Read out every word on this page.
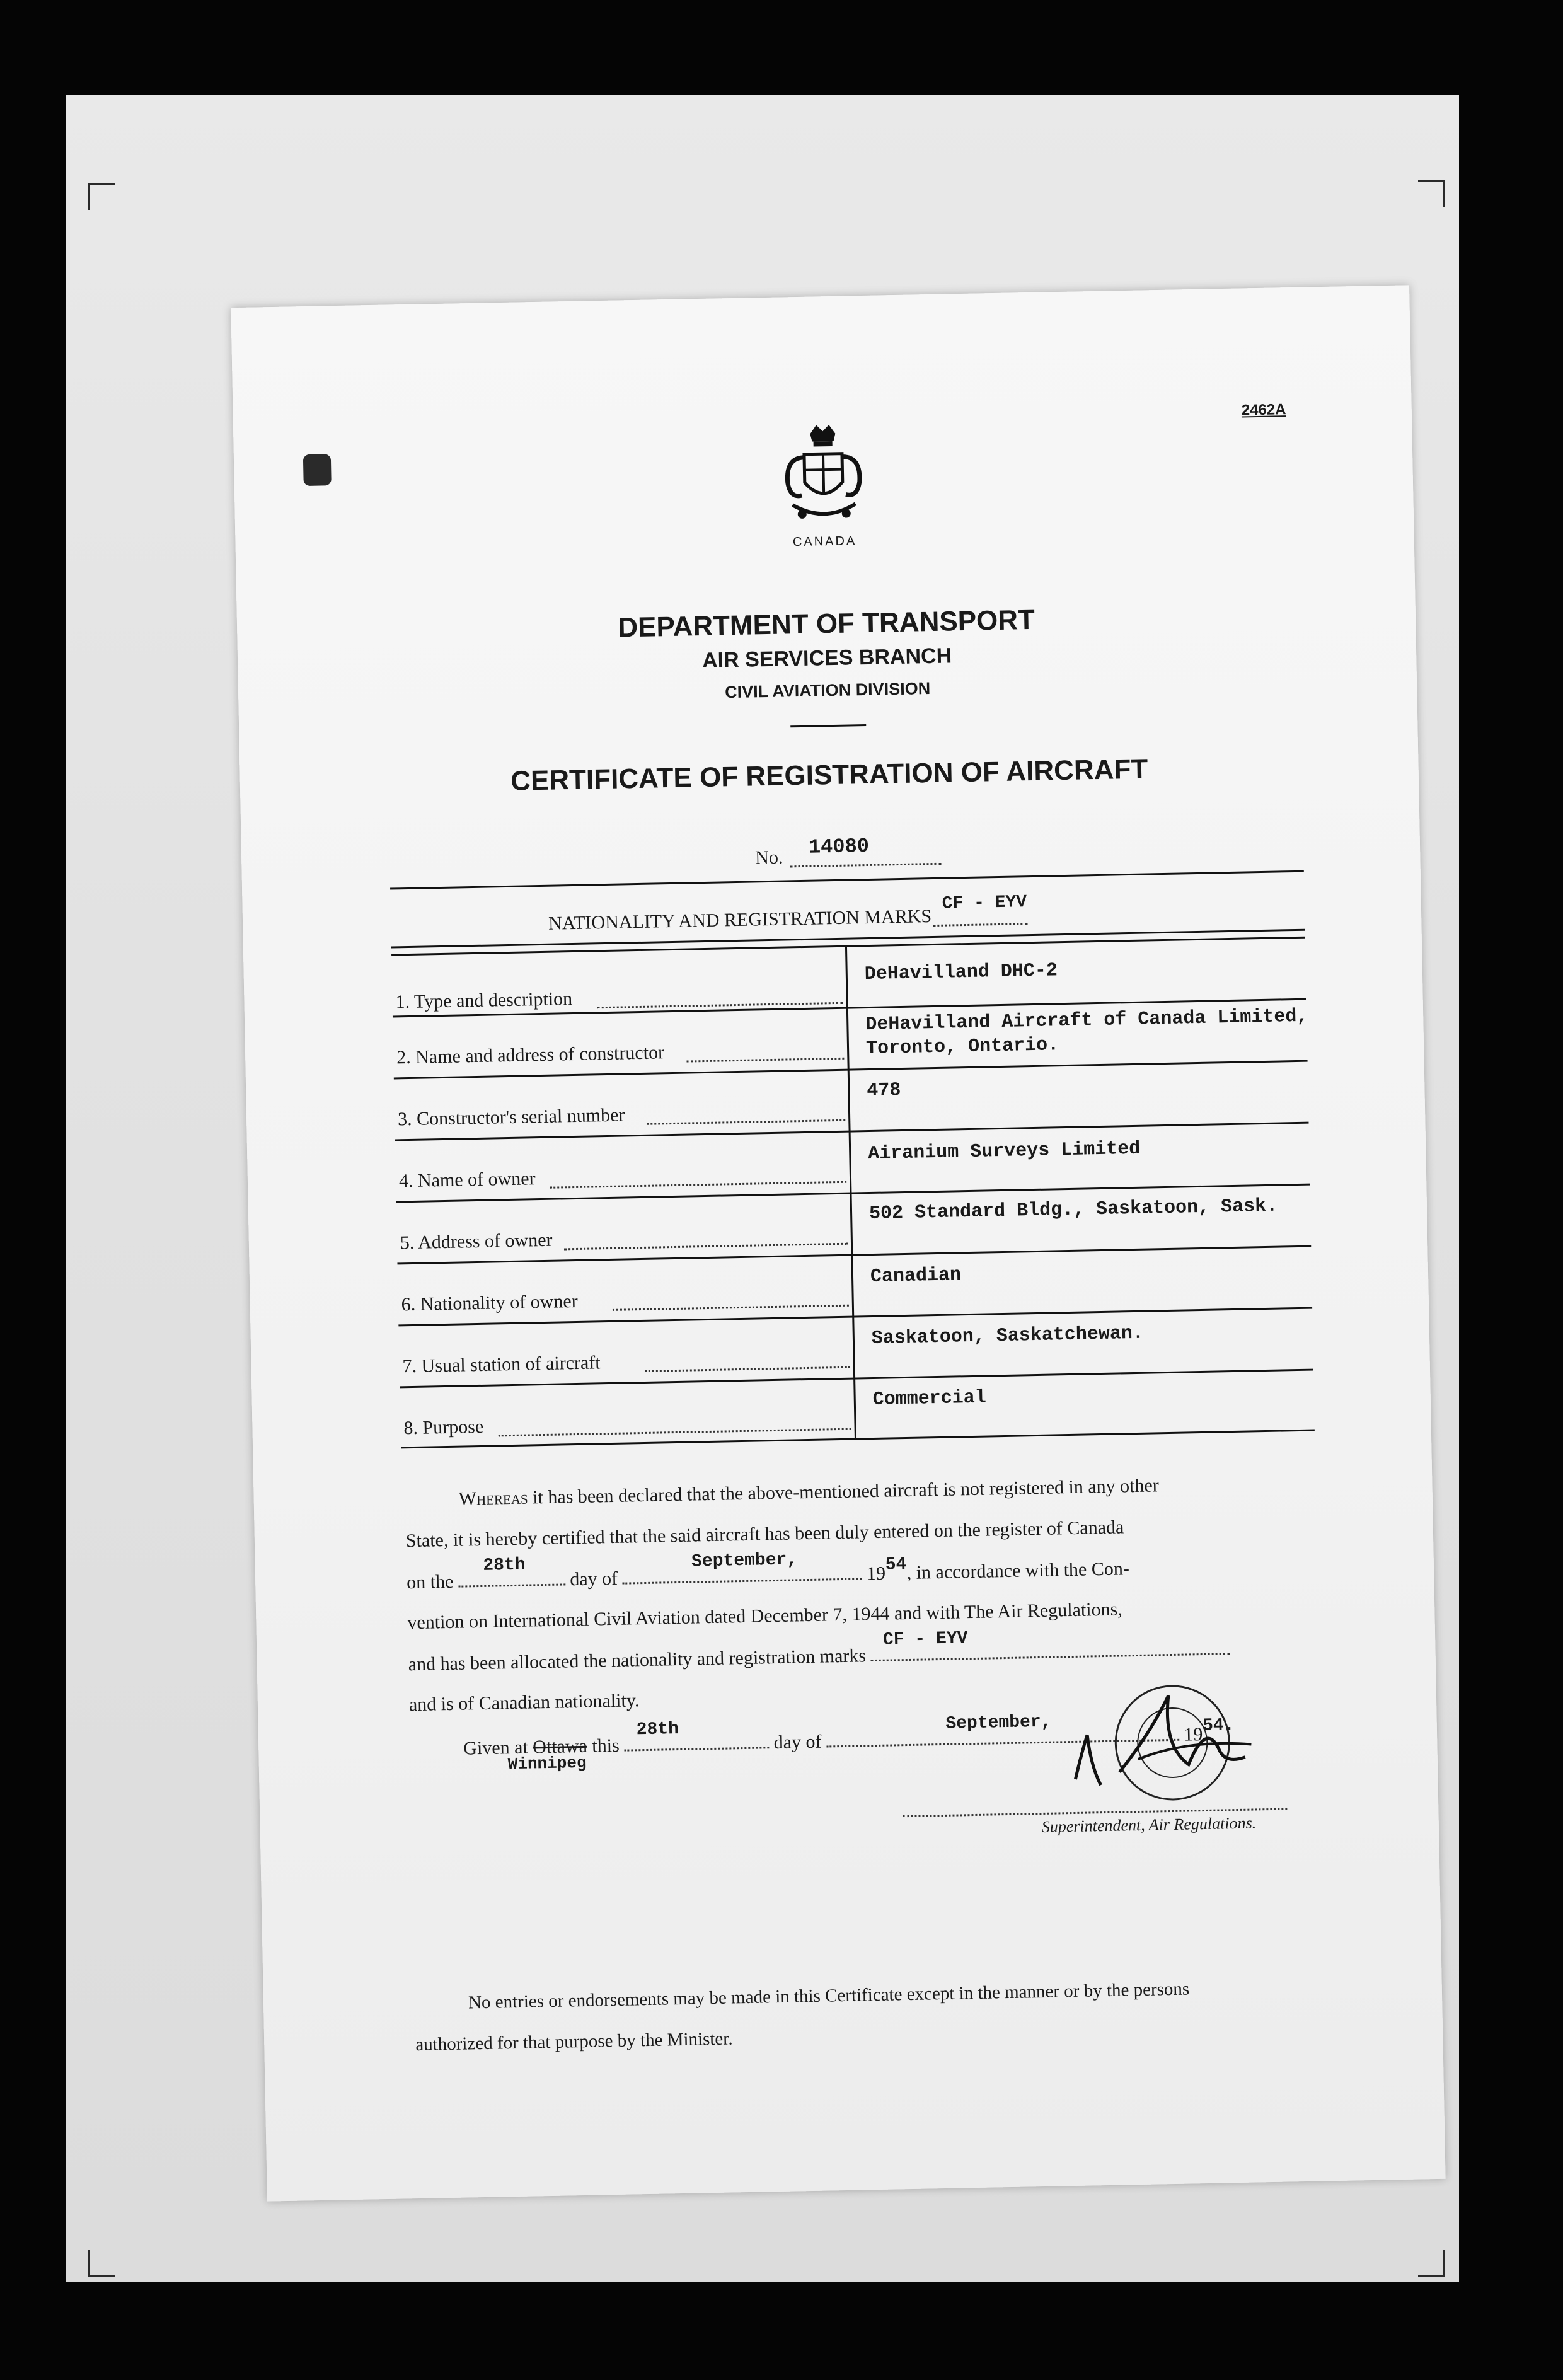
2462A
CANADA
DEPARTMENT OF TRANSPORT
AIR SERVICES BRANCH
CIVIL AVIATION DIVISION
CERTIFICATE OF REGISTRATION OF AIRCRAFT
No. 14080
NATIONALITY AND REGISTRATION MARKS
CF - EYV
1. Type and description
DeHavilland DHC-2
2. Name and address of constructor
DeHavilland Aircraft of Canada Limited,
Toronto, Ontario.
3. Constructor's serial number
478
4. Name of owner
Airanium Surveys Limited
5. Address of owner
502 Standard Bldg., Saskatoon, Sask.
6. Nationality of owner
Canadian
7. Usual station of aircraft
Saskatoon, Saskatchewan.
8. Purpose
Commercial
Whereas it has been declared that the above-mentioned aircraft is not registered in any other
State, it is hereby certified that the said aircraft has been duly entered on the register of Canada
on the
28th
day of
September,
1954, in accordance with the Con-
vention on International Civil Aviation dated December 7, 1944 and with The Air Regulations,
and has been allocated the nationality and registration marks
CF - EYV
and is of Canadian nationality.
Given at Ottawa
Winnipeg
this
28th
day of
September,
1954.
Superintendent, Air Regulations.
No entries or endorsements may be made in this Certificate except in the manner or by the persons
authorized for that purpose by the Minister.
